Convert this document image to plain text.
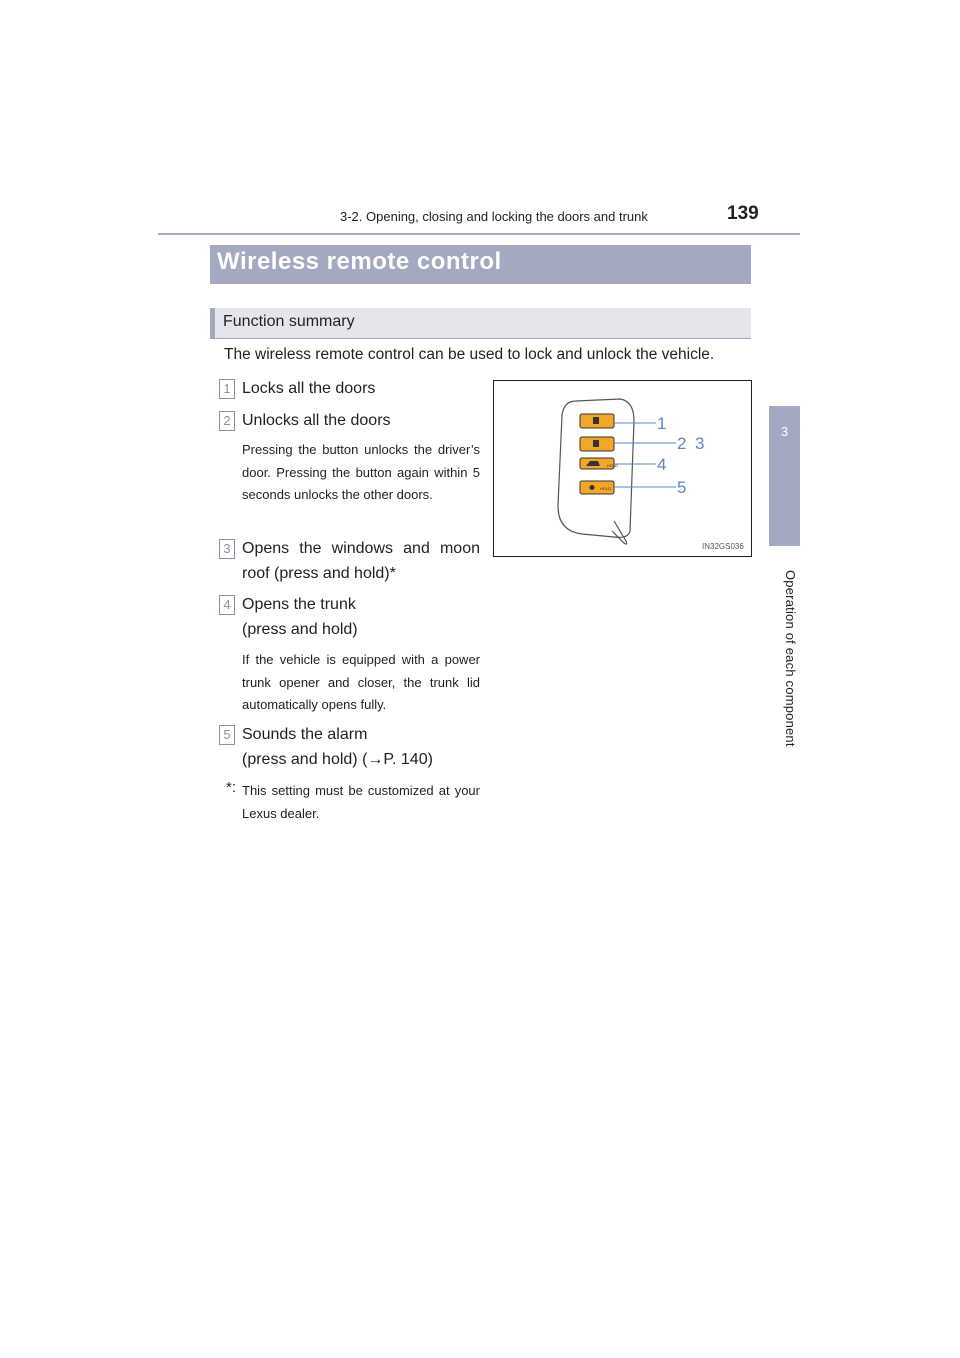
3-2. Opening, closing and locking the doors and trunk	139
3
Operation of each component
Wireless remote control
Function summary
The wireless remote control can be used to lock and unlock the vehicle.
1 Locks all the doors
2 Unlocks all the doors
Pressing the button unlocks the driver’s door. Pressing the button again within 5 seconds unlocks the other doors.
3 Opens the windows and moon
roof (press and hold)*
4 Opens the trunk
(press and hold)
If the vehicle is equipped with a power trunk opener and closer, the trunk lid automatically opens fully.
5 Sounds the alarm
(press and hold) (→P. 140)
*: This setting must be customized at your Lexus dealer.
HOLD
HOLD
1
2 3
4
5
IN32GS036
